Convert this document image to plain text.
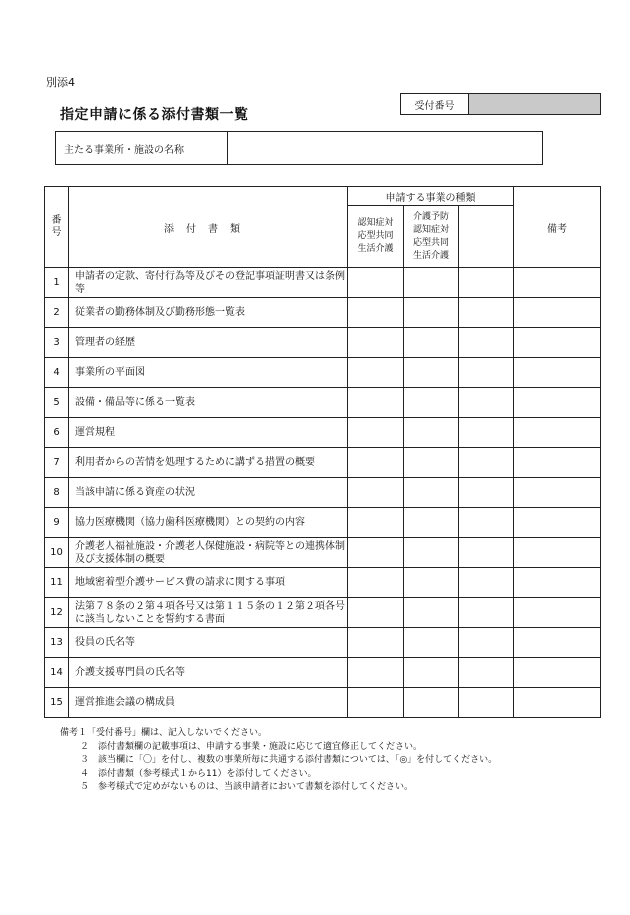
別添4
指定申請に係る添付書類一覧
受付番号
主たる事業所・施設の名称
番号	添付書類	申請する事業の種類			備考
		認知症対応型共同生活介護	介護予防認知症対応型共同生活介護		
1	申請者の定款、寄付行為等及びその登記事項証明書又は条例等				
2	従業者の勤務体制及び勤務形態一覧表				
3	管理者の経歴				
4	事業所の平面図				
5	設備・備品等に係る一覧表				
6	運営規程				
7	利用者からの苦情を処理するために講ずる措置の概要				
8	当該申請に係る資産の状況				
9	協力医療機関（協力歯科医療機関）との契約の内容				
10	介護老人福祉施設・介護老人保健施設・病院等との連携体制及び支援体制の概要				
11	地域密着型介護サービス費の請求に関する事項				
12	法第７８条の２第４項各号又は第１１５条の１２第２項各号に該当しないことを誓約する書面				
13	役員の氏名等				
14	介護支援専門員の氏名等				
15	運営推進会議の構成員				
備考１「受付番号」欄は、記入しないでください。
２　添付書類欄の記載事項は、申請する事業・施設に応じて適宜修正してください。
３　該当欄に「〇」を付し、複数の事業所毎に共通する添付書類については、「◎」を付してください。
４　添付書類（参考様式１から11）を添付してください。
５　参考様式で定めがないものは、当該申請者において書類を添付してください。
